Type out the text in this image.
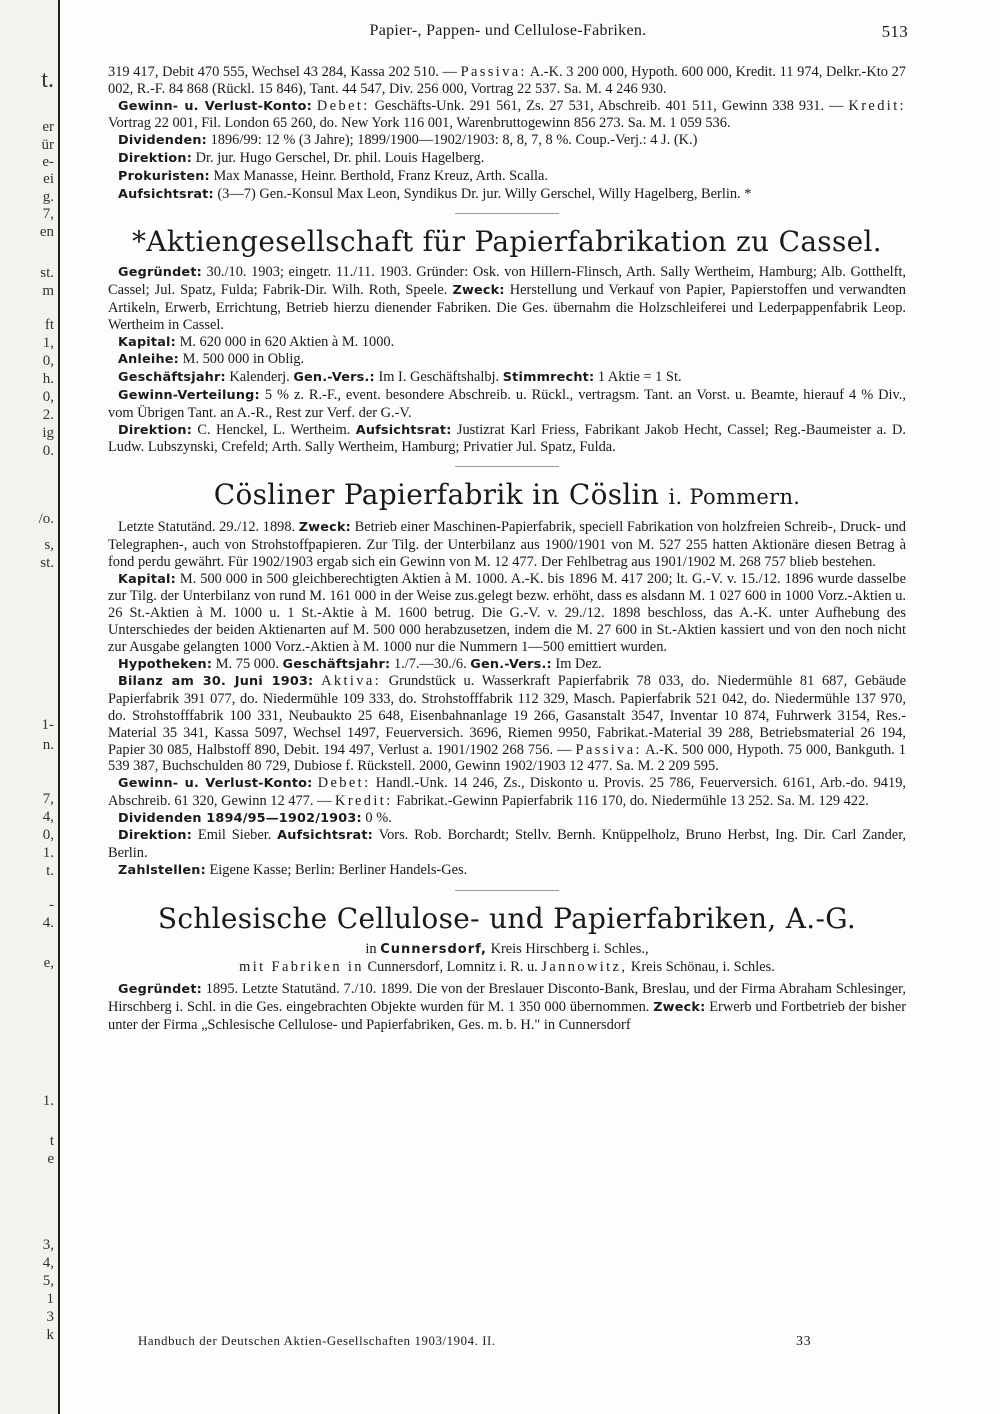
t.
er
ür
e-
ei
g.
7,
en
st.
m
ft
1,
0,
h.
0,
2.
ig
0.
/o.
s,
st.
1-
n.
7,
4,
0,
1.
t.
-
4.
e,
1.
t
e
3,
4,
5,
1
3
k
Papier-, Pappen- und Cellulose-Fabriken.	513

319 417, Debit 470 555, Wechsel 43 284, Kassa 202 510. — Passiva: A.-K. 3 200 000, Hypoth. 600 000, Kredit. 11 974, Delkr.-Kto 27 002, R.-F. 84 868 (Rückl. 15 846), Tant. 44 547, Div. 256 000, Vortrag 22 537. Sa. M. 4 246 930.

Gewinn- u. Verlust-Konto: Debet: Geschäfts-Unk. 291 561, Zs. 27 531, Abschreib. 401 511, Gewinn 338 931. — Kredit: Vortrag 22 001, Fil. London 65 260, do. New York 116 001, Warenbruttogewinn 856 273. Sa. M. 1 059 536.

Dividenden: 1896/99: 12 % (3 Jahre); 1899/1900—1902/1903: 8, 8, 7, 8 %. Coup.-Verj.: 4 J. (K.)

Direktion: Dr. jur. Hugo Gerschel, Dr. phil. Louis Hagelberg.

Prokuristen: Max Manasse, Heinr. Berthold, Franz Kreuz, Arth. Scalla.

Aufsichtsrat: (3—7) Gen.-Konsul Max Leon, Syndikus Dr. jur. Willy Gerschel, Willy Hagelberg, Berlin. *

*Aktiengesellschaft für Papierfabrikation zu Cassel.

Gegründet: 30./10. 1903; eingetr. 11./11. 1903. Gründer: Osk. von Hillern-Flinsch, Arth. Sally Wertheim, Hamburg; Alb. Gotthelft, Cassel; Jul. Spatz, Fulda; Fabrik-Dir. Wilh. Roth, Speele. Zweck: Herstellung und Verkauf von Papier, Papierstoffen und verwandten Artikeln, Erwerb, Errichtung, Betrieb hierzu dienender Fabriken. Die Ges. übernahm die Holzschleiferei und Lederpappenfabrik Leop. Wertheim in Cassel.

Kapital: M. 620 000 in 620 Aktien à M. 1000.

Anleihe: M. 500 000 in Oblig.

Geschäftsjahr: Kalenderj. Gen.-Vers.: Im I. Geschäftshalbj. Stimmrecht: 1 Aktie = 1 St.

Gewinn-Verteilung: 5 % z. R.-F., event. besondere Abschreib. u. Rückl., vertragsm. Tant. an Vorst. u. Beamte, hierauf 4 % Div., vom Übrigen Tant. an A.-R., Rest zur Verf. der G.-V.

Direktion: C. Henckel, L. Wertheim. Aufsichtsrat: Justizrat Karl Friess, Fabrikant Jakob Hecht, Cassel; Reg.-Baumeister a. D. Ludw. Lubszynski, Crefeld; Arth. Sally Wertheim, Hamburg; Privatier Jul. Spatz, Fulda.

Cösliner Papierfabrik in Cöslin i. Pommern.

Letzte Statutänd. 29./12. 1898. Zweck: Betrieb einer Maschinen-Papierfabrik, speciell Fabrikation von holzfreien Schreib-, Druck- und Telegraphen-, auch von Strohstoffpapieren. Zur Tilg. der Unterbilanz aus 1900/1901 von M. 527 255 hatten Aktionäre diesen Betrag à fond perdu gewährt. Für 1902/1903 ergab sich ein Gewinn von M. 12 477. Der Fehlbetrag aus 1901/1902 M. 268 757 blieb bestehen.

Kapital: M. 500 000 in 500 gleichberechtigten Aktien à M. 1000. A.-K. bis 1896 M. 417 200; lt. G.-V. v. 15./12. 1896 wurde dasselbe zur Tilg. der Unterbilanz von rund M. 161 000 in der Weise zus.gelegt bezw. erhöht, dass es alsdann M. 1 027 600 in 1000 Vorz.-Aktien u. 26 St.-Aktien à M. 1000 u. 1 St.-Aktie à M. 1600 betrug. Die G.-V. v. 29./12. 1898 beschloss, das A.-K. unter Aufhebung des Unterschiedes der beiden Aktienarten auf M. 500 000 herabzusetzen, indem die M. 27 600 in St.-Aktien kassiert und von den noch nicht zur Ausgabe gelangten 1000 Vorz.-Aktien à M. 1000 nur die Nummern 1—500 emittiert wurden.

Hypotheken: M. 75 000. Geschäftsjahr: 1./7.—30./6. Gen.-Vers.: Im Dez.

Bilanz am 30. Juni 1903: Aktiva: Grundstück u. Wasserkraft Papierfabrik 78 033, do. Niedermühle 81 687, Gebäude Papierfabrik 391 077, do. Niedermühle 109 333, do. Strohstofffabrik 112 329, Masch. Papierfabrik 521 042, do. Niedermühle 137 970, do. Strohstofffabrik 100 331, Neubaukto 25 648, Eisenbahnanlage 19 266, Gasanstalt 3547, Inventar 10 874, Fuhrwerk 3154, Res.-Material 35 341, Kassa 5097, Wechsel 1497, Feuerversich. 3696, Riemen 9950, Fabrikat.-Material 39 288, Betriebsmaterial 26 194, Papier 30 085, Halbstoff 890, Debit. 194 497, Verlust a. 1901/1902 268 756. — Passiva: A.-K. 500 000, Hypoth. 75 000, Bankguth. 1 539 387, Buchschulden 80 729, Dubiose f. Rückstell. 2000, Gewinn 1902/1903 12 477. Sa. M. 2 209 595.

Gewinn- u. Verlust-Konto: Debet: Handl.-Unk. 14 246, Zs., Diskonto u. Provis. 25 786, Feuerversich. 6161, Arb.-do. 9419, Abschreib. 61 320, Gewinn 12 477. — Kredit: Fabrikat.-Gewinn Papierfabrik 116 170, do. Niedermühle 13 252. Sa. M. 129 422.

Dividenden 1894/95—1902/1903: 0 %.

Direktion: Emil Sieber. Aufsichtsrat: Vors. Rob. Borchardt; Stellv. Bernh. Knüppelholz, Bruno Herbst, Ing. Dir. Carl Zander, Berlin.

Zahlstellen: Eigene Kasse; Berlin: Berliner Handels-Ges.

Schlesische Cellulose- und Papierfabriken, A.-G.

in Cunnersdorf, Kreis Hirschberg i. Schles.,

mit Fabriken in Cunnersdorf, Lomnitz i. R. u. Jannowitz, Kreis Schönau, i. Schles.

Gegründet: 1895. Letzte Statutänd. 7./10. 1899. Die von der Breslauer Disconto-Bank, Breslau, und der Firma Abraham Schlesinger, Hirschberg i. Schl. in die Ges. eingebrachten Objekte wurden für M. 1 350 000 übernommen. Zweck: Erwerb und Fortbetrieb der bisher unter der Firma „Schlesische Cellulose- und Papierfabriken, Ges. m. b. H." in Cunnersdorf

Handbuch der Deutschen Aktien-Gesellschaften 1903/1904. II.	33
